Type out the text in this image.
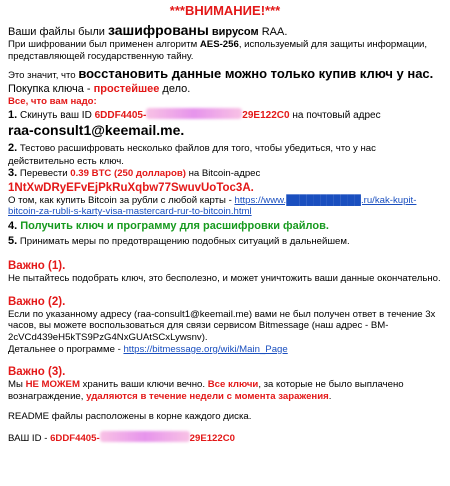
***ВНИМАНИЕ!***

Ваши файлы были зашифрованы вирусом RAA.

При шифровании был применен алгоритм AES-256, используемый для защиты информации, представляющей государственную тайну.

Это значит, что восстановить данные можно только купив ключ у нас.

Покупка ключа - простейшее дело.

Все, что вам надо:

1. Скинуть ваш ID 6DDF4405-	29E122C0 на почтовый адрес

raa-consult1@keemail.me.

2. Тестово расшифровать несколько файлов для того, чтобы убедиться, что у нас действительно есть ключ.

3. Перевести 0.39 BTC (250 долларов) на Bitcoin-адрес

1NtXwDRyEFvEjPkRuXqbw77SwuvUoToc3A.

О том, как купить Bitcoin за рубли с любой карты - https://www.███████████.ru/kak-kupit-bitcoin-za-rubli-s-karty-visa-mastercard-rur-to-bitcoin.html

4. Получить ключ и программу для расшифровки файлов.

5. Принимать меры по предотвращению подобных ситуаций в дальнейшем.

Важно (1).

Не пытайтесь подобрать ключ, это бесполезно, и может уничтожить ваши данные окончательно.

Важно (2).

Если по указанному адресу (raa-consult1@keemail.me) вами не был получен ответ в течение 3х часов, вы можете воспользоваться для связи сервисом Bitmessage (наш адрес - BM-2cVCd439eH5kTS9PzG4NxGUAtSCxLywsnv).

Детальнее о программе - https://bitmessage.org/wiki/Main_Page

Важно (3).

Мы НЕ МОЖЕМ хранить ваши ключи вечно. Все ключи, за которые не было выплачено вознаграждение, удаляются в течение недели с момента заражения.

README файлы расположены в корне каждого диска.

ВАШ ID - 6DDF4405-	29E122C0
